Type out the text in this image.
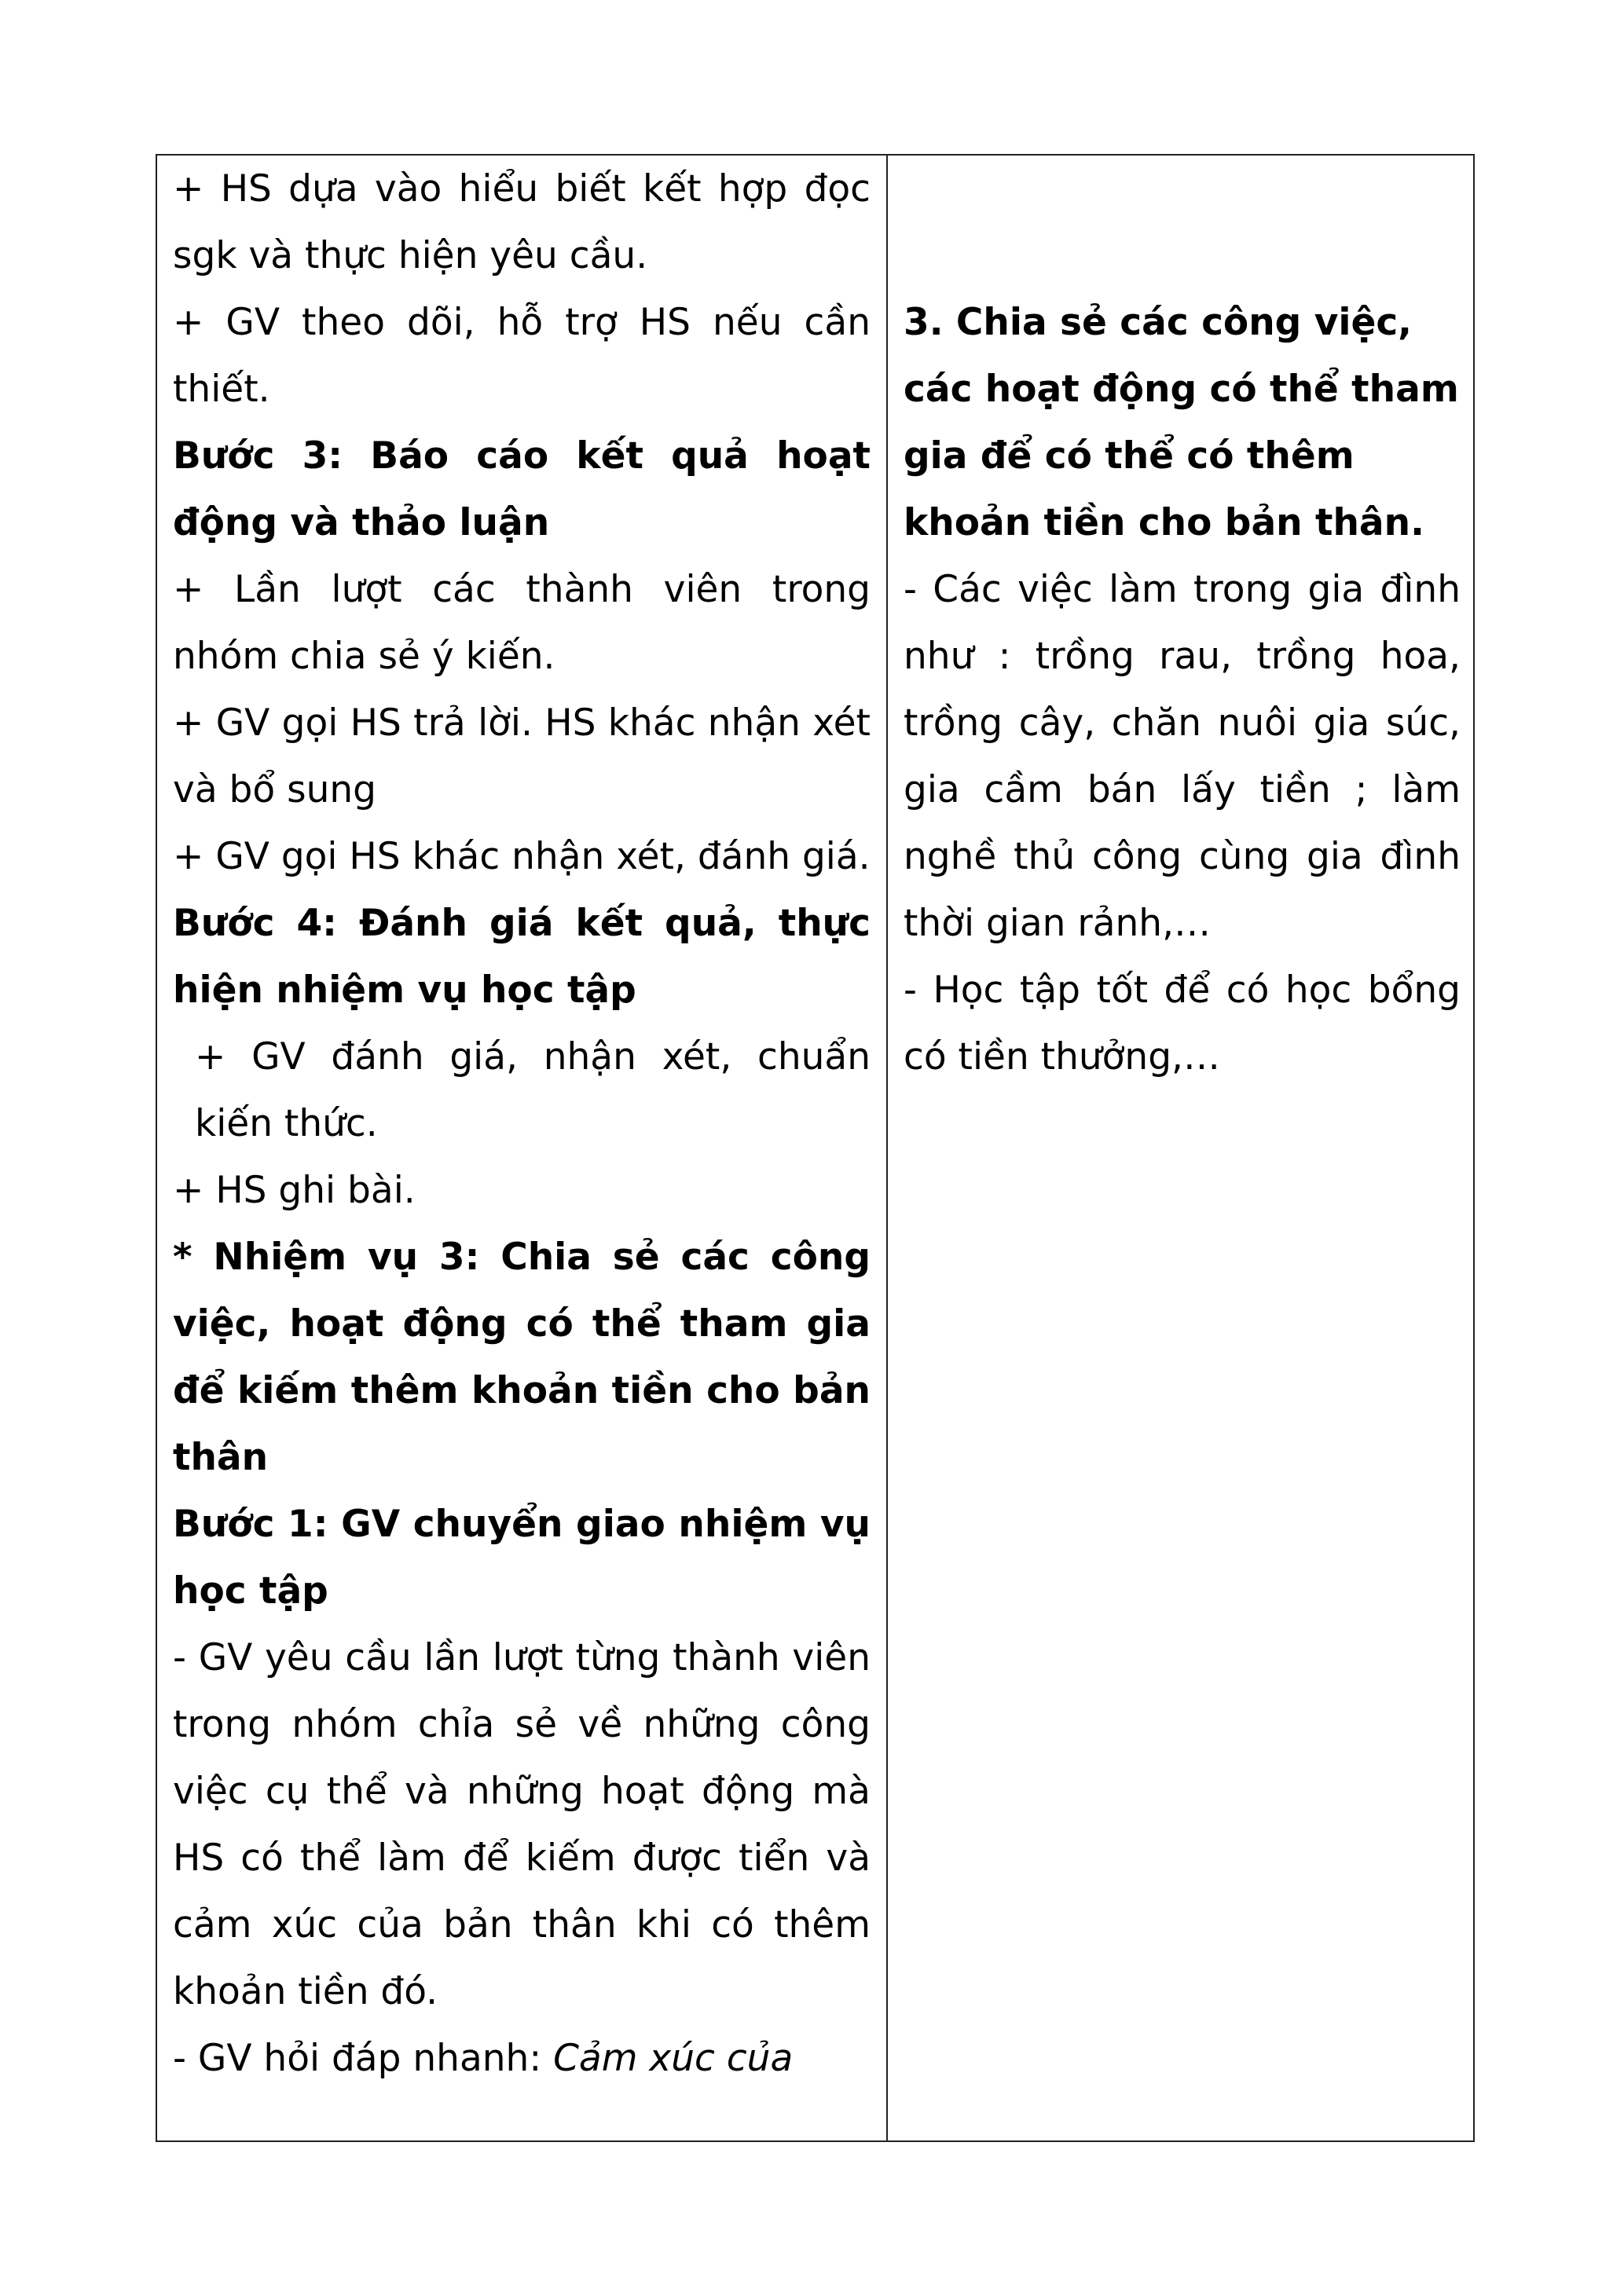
+ HS dựa vào hiểu biết kết hợp đọc sgk và thực hiện yêu cầu.

+ GV theo dõi, hỗ trợ HS nếu cần thiết.

Bước 3: Báo cáo kết quả hoạt động và thảo luận

+ Lần lượt các thành viên trong nhóm chia sẻ ý kiến.

+ GV gọi HS trả lời. HS khác nhận xét và bổ sung

+ GV gọi HS khác nhận xét, đánh giá.

Bước 4: Đánh giá kết quả, thực hiện nhiệm vụ học tập

+ GV đánh giá, nhận xét, chuẩn kiến thức.

+ HS ghi bài.

* Nhiệm vụ 3: Chia sẻ các công việc, hoạt động có thể tham gia để kiếm thêm khoản tiền cho bản thân

Bước 1: GV chuyển giao nhiệm vụ học tập

- GV yêu cầu lần lượt từng thành viên trong nhóm chỉa sẻ về những công việc cụ thể và những hoạt động mà HS có thể làm để kiếm được tiển và cảm xúc của bản thân khi có thêm khoản tiền đó.

- GV hỏi đáp nhanh: Cảm xúc của

3. Chia sẻ các công việc, các hoạt động có thể tham gia để có thể có thêm khoản tiền cho bản thân.

- Các việc làm trong gia đình như : trồng rau, trồng hoa, trồng cây, chăn nuôi gia súc, gia cầm bán lấy tiền ; làm nghề thủ công cùng gia đình thời gian rảnh,…

- Học tập tốt để có học bổng có tiền thưởng,…
